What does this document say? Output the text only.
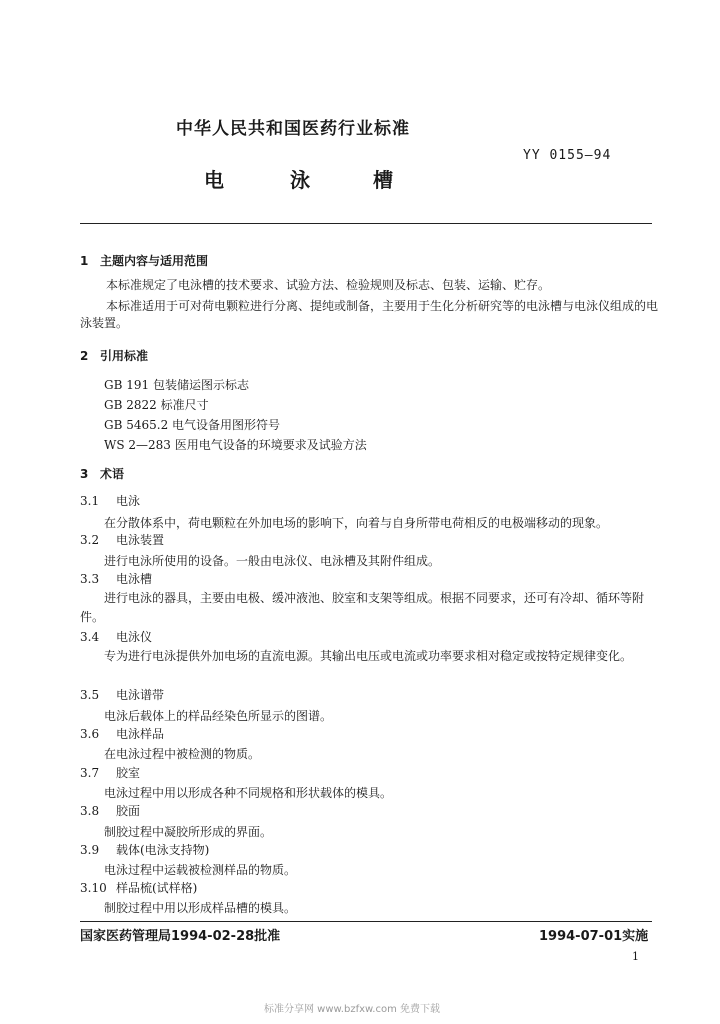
中华人民共和国医药行业标准
YY 0155—94
电	泳	槽
1 主题内容与适用范围
本标准规定了电泳槽的技术要求、试验方法、检验规则及标志、包装、运输、贮存。
本标准适用于可对荷电颗粒进行分离、提纯或制备，主要用于生化分析研究等的电泳槽与电泳仪组成的电泳装置。
2 引用标准
GB 191 包装储运图示标志
GB 2822 标准尺寸
GB 5465.2 电气设备用图形符号
WS 2—283 医用电气设备的环境要求及试验方法
3 术语
3.1 电泳
在分散体系中，荷电颗粒在外加电场的影响下，向着与自身所带电荷相反的电极端移动的现象。
3.2 电泳装置
进行电泳所使用的设备。一般由电泳仪、电泳槽及其附件组成。
3.3 电泳槽
进行电泳的器具，主要由电极、缓冲液池、胶室和支架等组成。根据不同要求，还可有冷却、循环等附件。
3.4 电泳仪
专为进行电泳提供外加电场的直流电源。其输出电压或电流或功率要求相对稳定或按特定规律变化。
3.5 电泳谱带
电泳后载体上的样品经染色所显示的图谱。
3.6 电泳样品
在电泳过程中被检测的物质。
3.7 胶室
电泳过程中用以形成各种不同规格和形状载体的模具。
3.8 胶面
制胶过程中凝胶所形成的界面。
3.9 载体(电泳支持物)
电泳过程中运载被检测样品的物质。
3.10 样品梳(试样格)
制胶过程中用以形成样品槽的模具。
国家医药管理局1994-02-28批准	1994-07-01实施
1
标准分享网 www.bzfxw.com 免费下载
